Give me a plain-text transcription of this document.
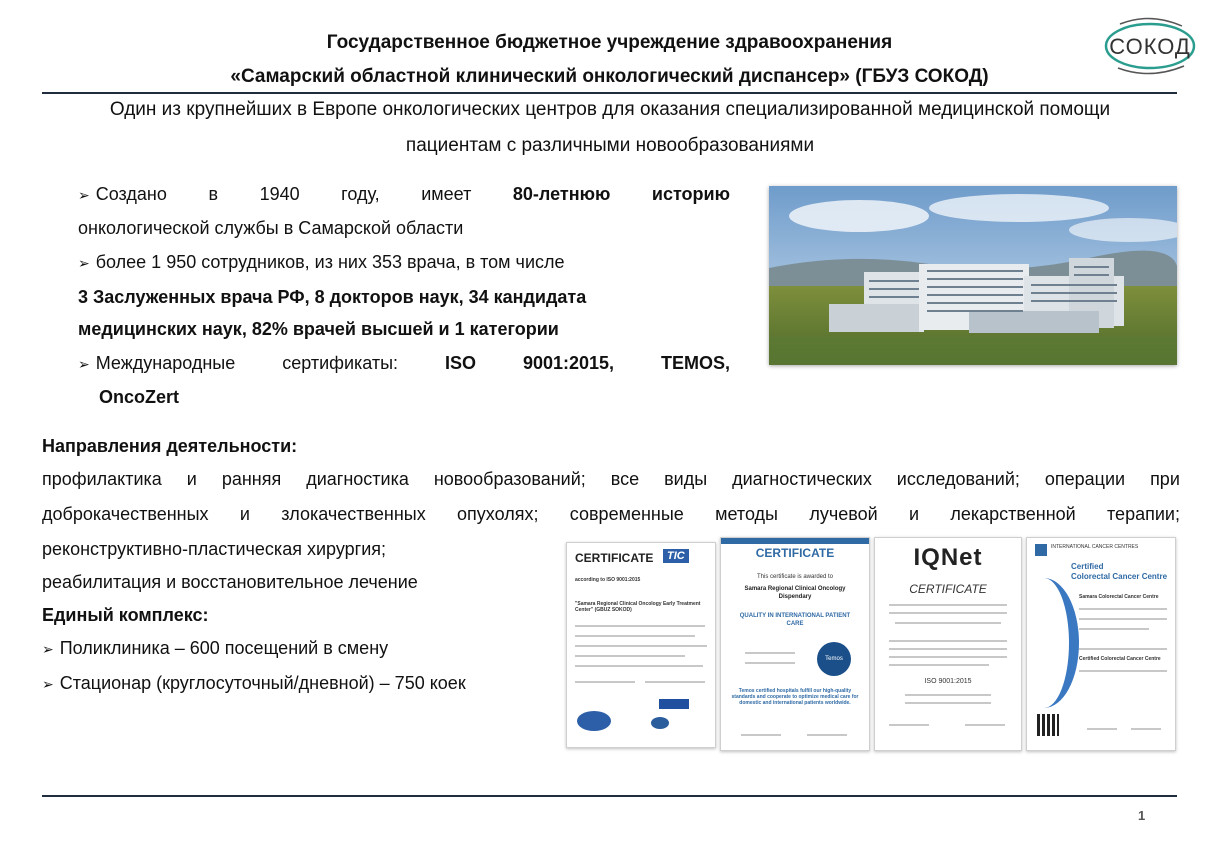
Государственное бюджетное учреждение здравоохранения
«Самарский областной клинический онкологический диспансер» (ГБУЗ СОКОД)
СОКОД
Один из крупнейших в Европе онкологических центров для оказания специализированной медицинской помощи
пациентам с различными новообразованиями
➢ Создано в 1940 году, имеет 80-летнюю историю
онкологической службы в Самарской области
➢ более 1 950 сотрудников, из них 353 врача, в том числе
3 Заслуженных врача РФ, 8 докторов наук, 34 кандидата
медицинских наук, 82% врачей высшей и 1 категории
➢ Международные	сертификаты:	ISO	9001:2015,	TEMOS,
OncoZert
Направления деятельности:
профилактика и ранняя диагностика новообразований; все виды диагностических исследований; операции при
доброкачественных и злокачественных опухолях; современные методы лучевой и лекарственной терапии;
реконструктивно-пластическая хирургия;
реабилитация и восстановительное лечение
Единый комплекс:
➢ Поликлиника – 600 посещений в смену
➢ Стационар (круглосуточный/дневной) – 750 коек
CERTIFICATE	TIC
according to ISO 9001:2015
"Samara Regional Clinical Oncology Early Treatment Center" (GBUZ SOKOD)
CERTIFICATE
This certificate is awarded to
Samara Regional Clinical Oncology Dispendary
QUALITY IN INTERNATIONAL PATIENT CARE
Temos
Temos certified hospitals fulfill our high-quality standards and cooperate to optimize medical care for domestic and international patients worldwide.
IQNet
CERTIFICATE
ISO 9001:2015
INTERNATIONAL CANCER CENTRES
Certified
Colorectal Cancer Centre
Samara Colorectal Cancer Centre
Certified Colorectal Cancer Centre
1
